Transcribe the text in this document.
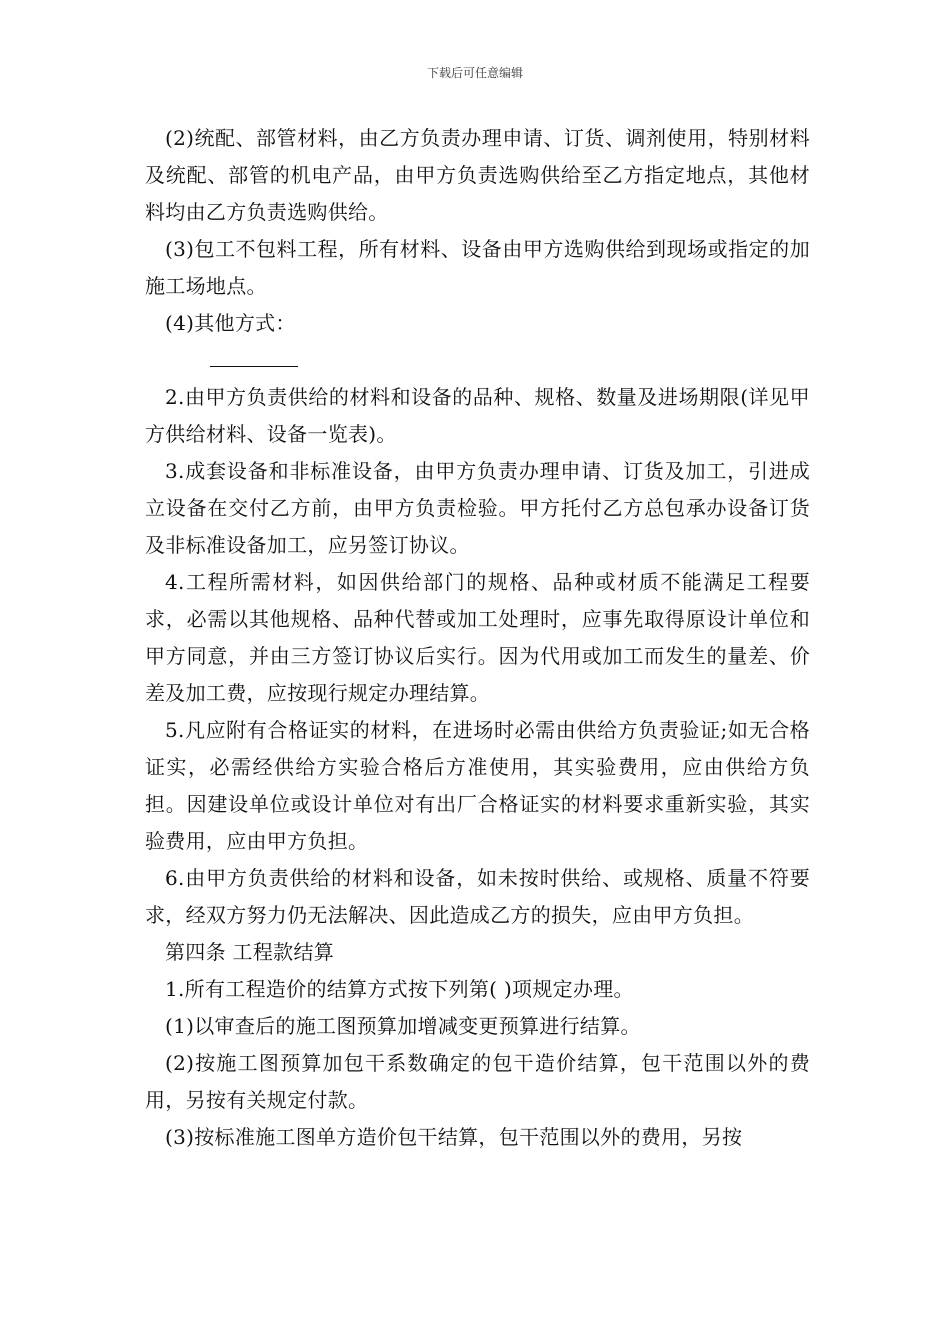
下载后可任意编辑

(2)统配、部管材料，由乙方负责办理申请、订货、调剂使用，特别材料及统配、部管的机电产品，由甲方负责选购供给至乙方指定地点，其他材料均由乙方负责选购供给。

(3)包工不包料工程，所有材料、设备由甲方选购供给到现场或指定的加施工场地点。

(4)其他方式：

2.由甲方负责供给的材料和设备的品种、规格、数量及进场期限(详见甲方供给材料、设备一览表)。

3.成套设备和非标准设备，由甲方负责办理申请、订货及加工，引进成立设备在交付乙方前，由甲方负责检验。甲方托付乙方总包承办设备订货及非标准设备加工，应另签订协议。

4.工程所需材料，如因供给部门的规格、品种或材质不能满足工程要求，必需以其他规格、品种代替或加工处理时，应事先取得原设计单位和甲方同意，并由三方签订协议后实行。因为代用或加工而发生的量差、价差及加工费，应按现行规定办理结算。

5.凡应附有合格证实的材料，在进场时必需由供给方负责验证;如无合格证实，必需经供给方实验合格后方准使用，其实验费用，应由供给方负担。因建设单位或设计单位对有出厂合格证实的材料要求重新实验，其实验费用，应由甲方负担。

6.由甲方负责供给的材料和设备，如未按时供给、或规格、质量不符要求，经双方努力仍无法解决、因此造成乙方的损失，应由甲方负担。

第四条 工程款结算

1.所有工程造价的结算方式按下列第( )项规定办理。

(1)以审查后的施工图预算加增减变更预算进行结算。

(2)按施工图预算加包干系数确定的包干造价结算，包干范围以外的费用，另按有关规定付款。

(3)按标准施工图单方造价包干结算，包干范围以外的费用，另按
